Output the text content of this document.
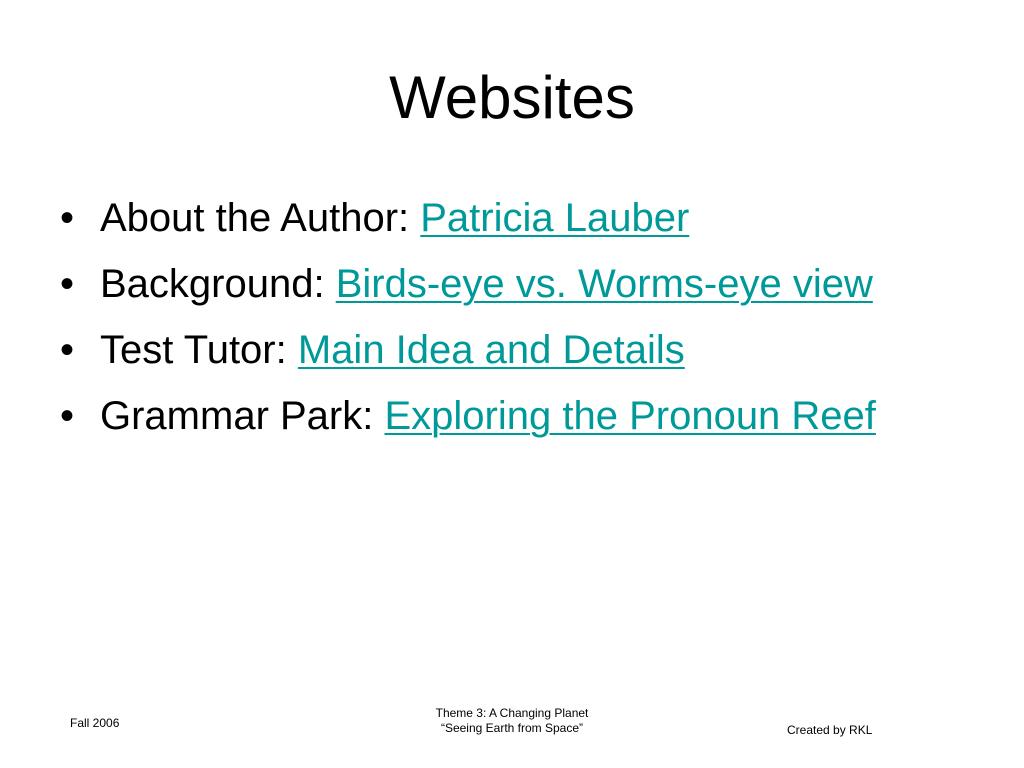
Websites
• About the Author: Patricia Lauber
• Background: Birds-eye vs. Worms-eye view
• Test Tutor: Main Idea and Details
• Grammar Park: Exploring the Pronoun Reef
Fall 2006
Theme 3: A Changing Planet
“Seeing Earth from Space”	Created by RKL
